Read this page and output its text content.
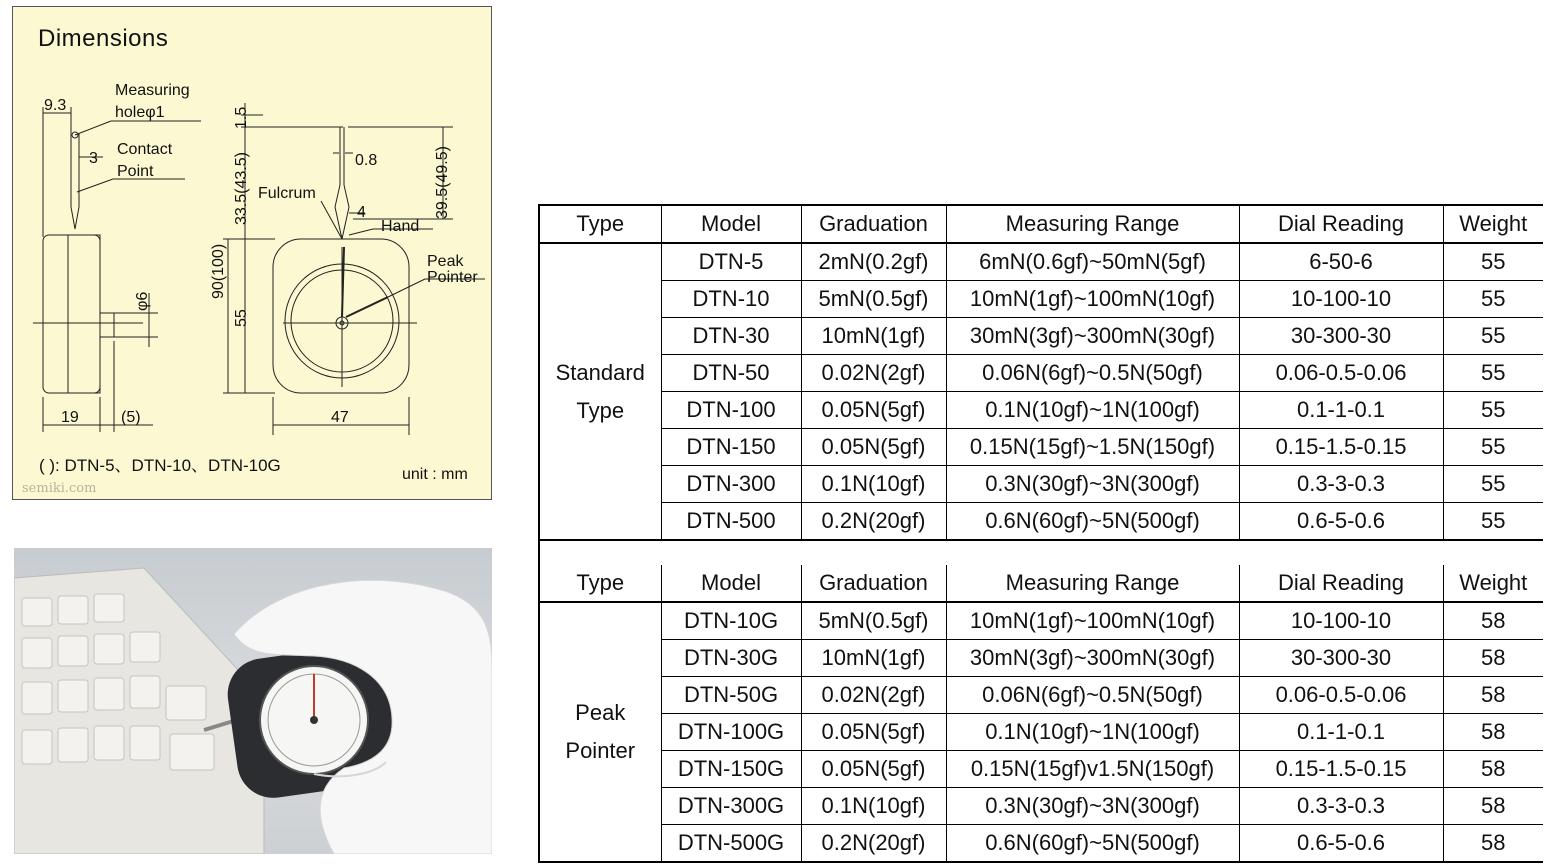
Dimensions
Measuring
holeφ1
Contact
Point
Fulcrum
Hand
Peak
Pointer
9.3
3	0.8
4
19	(5)	47
1.5
33.5(43.5)	39.5(49.5)
90(100)
55
φ6
( ): DTN-5、DTN-10、DTN-10G	unit : mm
semiki.com
Type	Model	Graduation	Measuring Range	Dial Reading	Weight

Standard
Type	DTN-5	2mN(0.2gf)	6mN(0.6gf)~50mN(5gf)	6-50-6	55
	DTN-10	5mN(0.5gf)	10mN(1gf)~100mN(10gf)	10-100-10	55
	DTN-30	10mN(1gf)	30mN(3gf)~300mN(30gf)	30-300-30	55
	DTN-50	0.02N(2gf)	0.06N(6gf)~0.5N(50gf)	0.06-0.5-0.06	55
	DTN-100	0.05N(5gf)	0.1N(10gf)~1N(100gf)	0.1-1-0.1	55
	DTN-150	0.05N(5gf)	0.15N(15gf)~1.5N(150gf)	0.15-1.5-0.15	55
	DTN-300	0.1N(10gf)	0.3N(30gf)~3N(300gf)	0.3-3-0.3	55
	DTN-500	0.2N(20gf)	0.6N(60gf)~5N(500gf)	0.6-5-0.6	55
Type	Model	Graduation	Measuring Range	Dial Reading	Weight

Peak
Pointer	DTN-10G	5mN(0.5gf)	10mN(1gf)~100mN(10gf)	10-100-10	58
	DTN-30G	10mN(1gf)	30mN(3gf)~300mN(30gf)	30-300-30	58
	DTN-50G	0.02N(2gf)	0.06N(6gf)~0.5N(50gf)	0.06-0.5-0.06	58
	DTN-100G	0.05N(5gf)	0.1N(10gf)~1N(100gf)	0.1-1-0.1	58
	DTN-150G	0.05N(5gf)	0.15N(15gf)v1.5N(150gf)	0.15-1.5-0.15	58
	DTN-300G	0.1N(10gf)	0.3N(30gf)~3N(300gf)	0.3-3-0.3	58
	DTN-500G	0.2N(20gf)	0.6N(60gf)~5N(500gf)	0.6-5-0.6	58
